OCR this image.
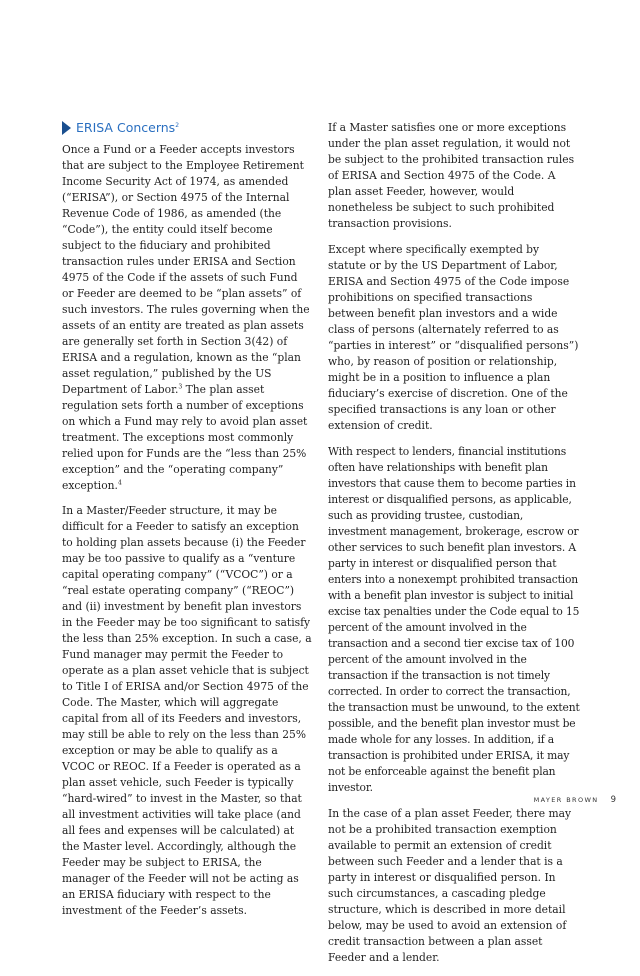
ERISA Concerns$^2$

Once a Fund or a Feeder accepts investors that are subject to the Employee Retirement Income Security Act of 1974, as amended (“ERISA”), or Section 4975 of the Internal Revenue Code of 1986, as amended (the “Code”), the entity could itself become subject to the fiduciary and prohibited transaction rules under ERISA and Section 4975 of the Code if the assets of such Fund or Feeder are deemed to be “plan assets” of such investors. The rules governing when the assets of an entity are treated as plan assets are generally set forth in Section 3(42) of ERISA and a regulation, known as the “plan asset regulation,” published by the US Department of Labor.$^3$ The plan asset regulation sets forth a number of exceptions on which a Fund may rely to avoid plan asset treatment. The exceptions most commonly relied upon for Funds are the “less than 25% exception” and the “operating company” exception.$^4$

In a Master/Feeder structure, it may be difficult for a Feeder to satisfy an exception to holding plan assets because (i) the Feeder may be too passive to qualify as a “venture capital operating company” (“VCOC”) or a “real estate operating company” (“REOC”) and (ii) investment by benefit plan investors in the Feeder may be too significant to satisfy the less than 25% exception. In such a case, a Fund manager may permit the Feeder to operate as a plan asset vehicle that is subject to Title I of ERISA and/or Section 4975 of the Code. The Master, which will aggregate capital from all of its Feeders and investors, may still be able to rely on the less than 25% exception or may be able to qualify as a VCOC or REOC. If a Feeder is operated as a plan asset vehicle, such Feeder is typically “hard-wired” to invest in the Master, so that all investment activities will take place (and all fees and expenses will be calculated) at the Master level. Accordingly, although the Feeder may be subject to ERISA, the manager of the Feeder will not be acting as an ERISA fiduciary with respect to the investment of the Feeder’s assets.

If a Master satisfies one or more exceptions under the plan asset regulation, it would not be subject to the prohibited transaction rules of ERISA and Section 4975 of the Code. A plan asset Feeder, however, would nonetheless be subject to such prohibited transaction provisions.

Except where specifically exempted by statute or by the US Department of Labor, ERISA and Section 4975 of the Code impose prohibitions on specified transactions between benefit plan investors and a wide class of persons (alternately referred to as “parties in interest” or “disqualified persons”) who, by reason of position or relationship, might be in a position to influence a plan fiduciary’s exercise of discretion. One of the specified transactions is any loan or other extension of credit.

With respect to lenders, financial institutions often have relationships with benefit plan investors that cause them to become parties in interest or disqualified persons, as applicable, such as providing trustee, custodian, investment management, brokerage, escrow or other services to such benefit plan investors. A party in interest or disqualified person that enters into a nonexempt prohibited transaction with a benefit plan investor is subject to initial excise tax penalties under the Code equal to 15 percent of the amount involved in the transaction and a second tier excise tax of 100 percent of the amount involved in the transaction if the transaction is not timely corrected. In order to correct the transaction, the transaction must be unwound, to the extent possible, and the benefit plan investor must be made whole for any losses. In addition, if a transaction is prohibited under ERISA, it may not be enforceable against the benefit plan investor.

In the case of a plan asset Feeder, there may not be a prohibited transaction exemption available to permit an extension of credit between such Feeder and a lender that is a party in interest or disqualified person. In such circumstances, a cascading pledge structure, which is described in more detail below, may be used to avoid an extension of credit transaction between a plan asset Feeder and a lender.

MAYER BROWN 9
